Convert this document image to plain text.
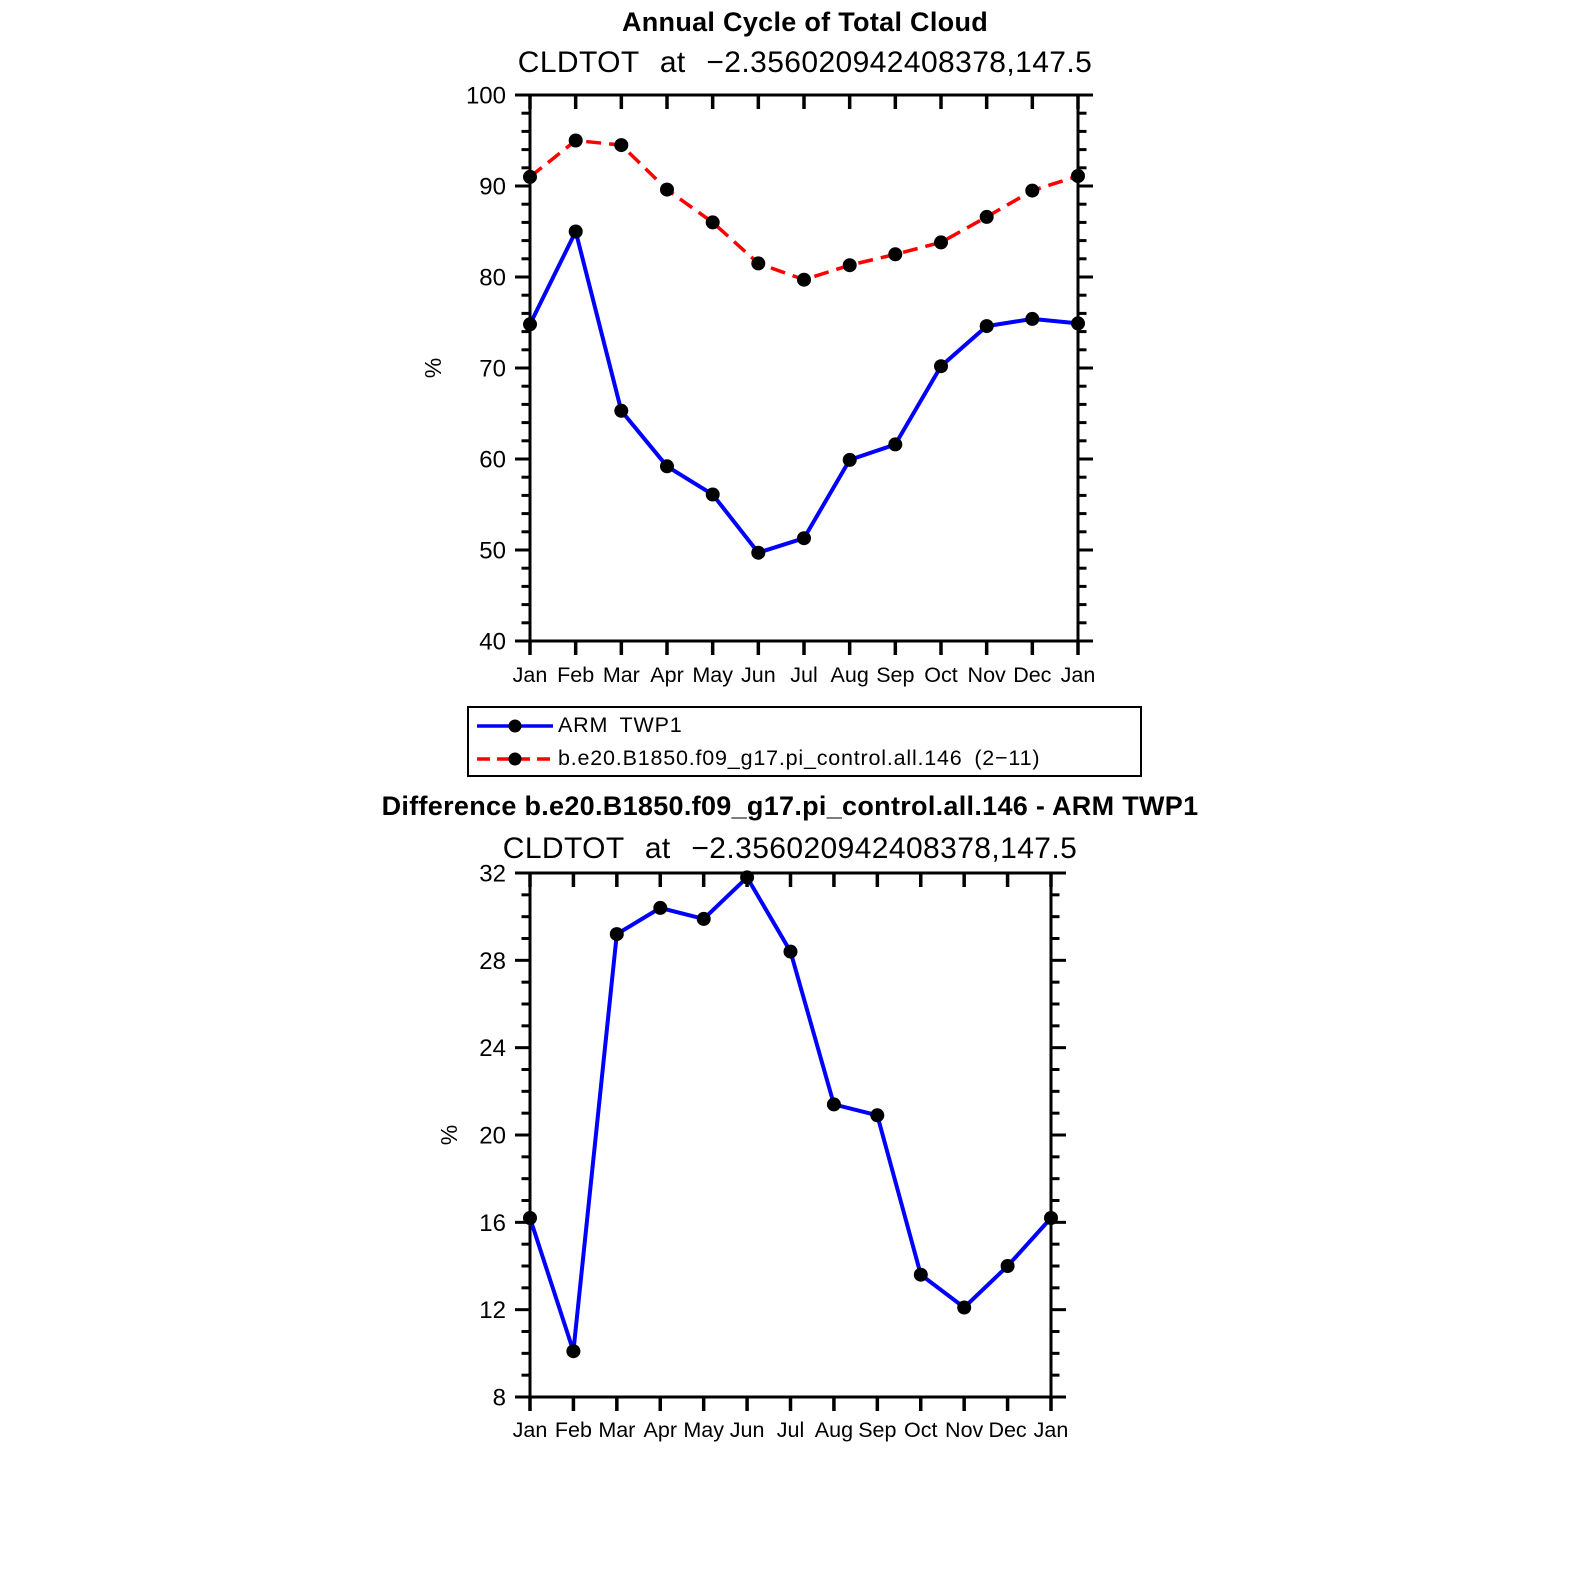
40
50
60
70
80
90
100
Jan Feb Mar Apr May Jun Jul Aug Sep Oct Nov Dec Jan
%
8
12
16
20
24
28
32
Jan Feb Mar Apr May Jun Jul Aug Sep Oct Nov Dec Jan
%
Annual Cycle of Total Cloud
CLDTOT at −2.356020942408378,147.5
ARM TWP1
b.e20.B1850.f09_g17.pi_control.all.146 (2−11)
Difference b.e20.B1850.f09_g17.pi_control.all.146 - ARM TWP1
CLDTOT at −2.356020942408378,147.5
